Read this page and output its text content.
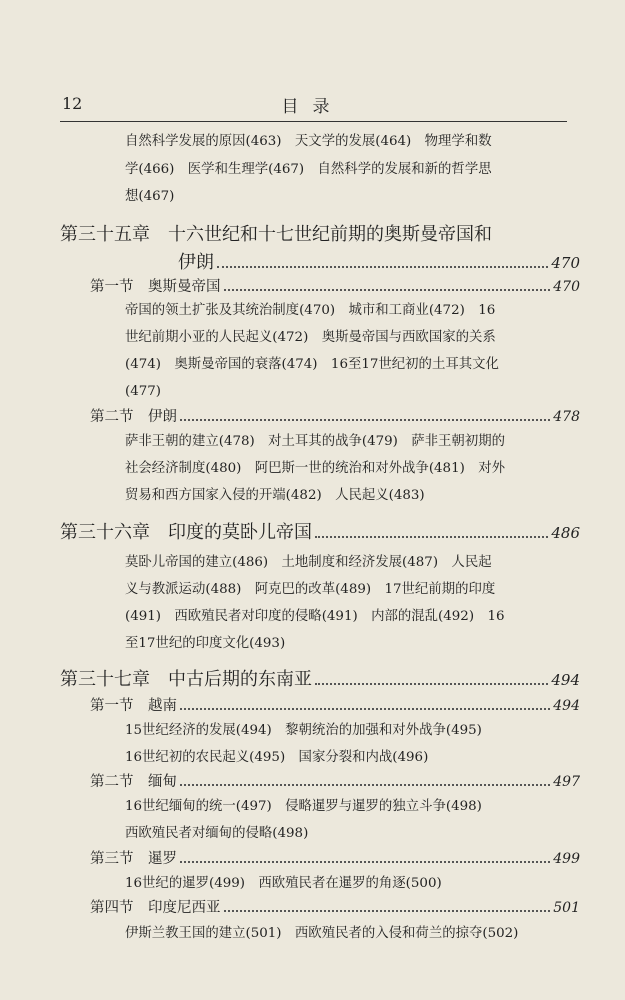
12	目录
自然科学发展的原因(463)　天文学的发展(464)　物理学和数
学(466)　医学和生理学(467)　自然科学的发展和新的哲学思
想(467)
第三十五章　十六世纪和十七世纪前期的奥斯曼帝国和
伊朗	470
第一节　奥斯曼帝国	470
帝国的领土扩张及其统治制度(470)　城市和工商业(472)　16
世纪前期小亚的人民起义(472)　奥斯曼帝国与西欧国家的关系
(474)　奥斯曼帝国的衰落(474)　16至17世纪初的土耳其文化
(477)
第二节　伊朗	478
萨非王朝的建立(478)　对土耳其的战争(479)　萨非王朝初期的
社会经济制度(480)　阿巴斯一世的统治和对外战争(481)　对外
贸易和西方国家入侵的开端(482)　人民起义(483)
第三十六章　印度的莫卧儿帝国	486
莫卧儿帝国的建立(486)　土地制度和经济发展(487)　人民起
义与教派运动(488)　阿克巴的改革(489)　17世纪前期的印度
(491)　西欧殖民者对印度的侵略(491)　内部的混乱(492)　16
至17世纪的印度文化(493)
第三十七章　中古后期的东南亚	494
第一节　越南	494
15世纪经济的发展(494)　黎朝统治的加强和对外战争(495)
16世纪初的农民起义(495)　国家分裂和内战(496)
第二节　缅甸	497
16世纪缅甸的统一(497)　侵略暹罗与暹罗的独立斗争(498)
西欧殖民者对缅甸的侵略(498)
第三节　暹罗	499
16世纪的暹罗(499)　西欧殖民者在暹罗的角逐(500)
第四节　印度尼西亚	501
伊斯兰教王国的建立(501)　西欧殖民者的入侵和荷兰的掠夺(502)
